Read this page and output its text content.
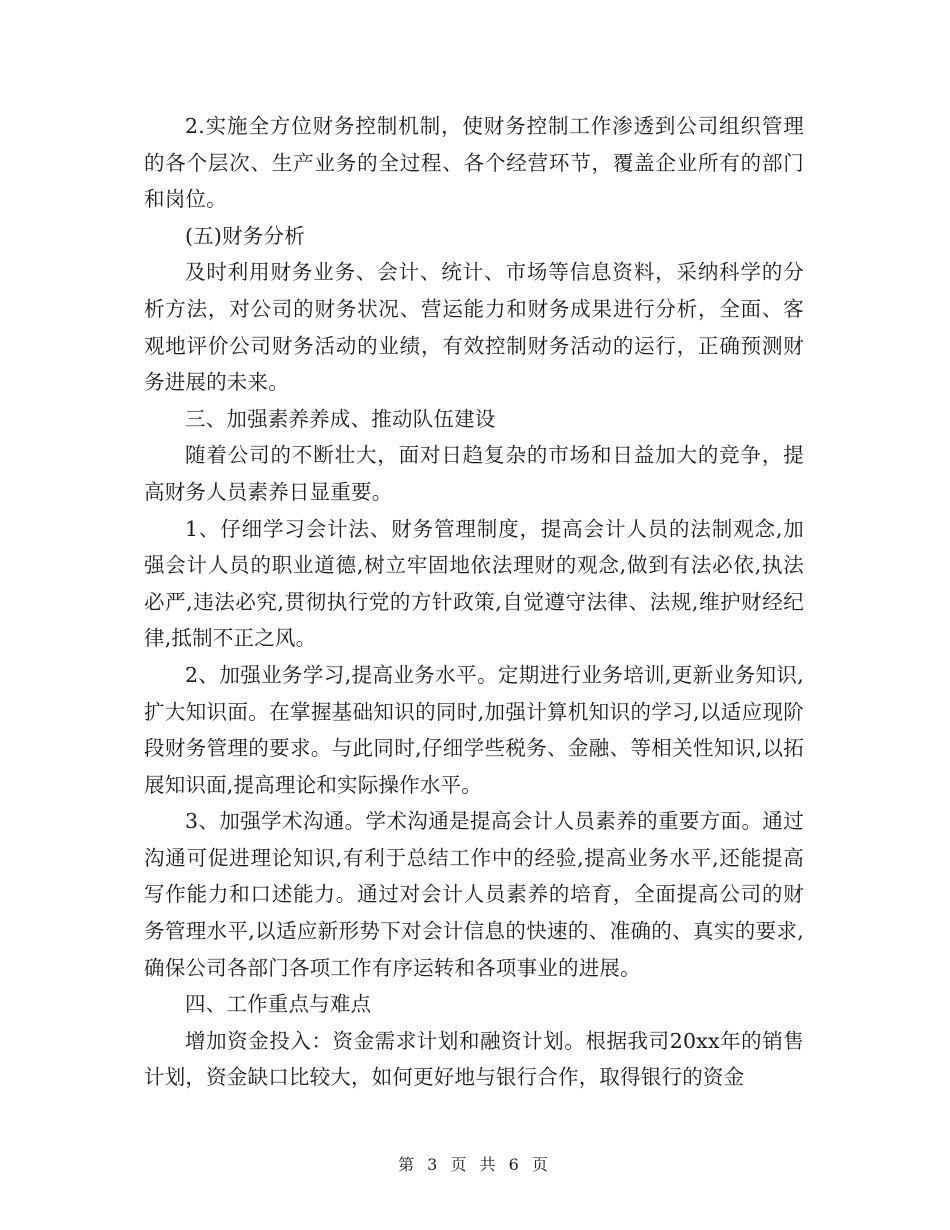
2.实施全方位财务控制机制，使财务控制工作渗透到公司组织管理的各个层次、生产业务的全过程、各个经营环节，覆盖企业所有的部门和岗位。

(五)财务分析

及时利用财务业务、会计、统计、市场等信息资料，采纳科学的分析方法，对公司的财务状况、营运能力和财务成果进行分析，全面、客观地评价公司财务活动的业绩，有效控制财务活动的运行，正确预测财务进展的未来。

三、加强素养养成、推动队伍建设

随着公司的不断壮大，面对日趋复杂的市场和日益加大的竞争，提高财务人员素养日显重要。

1、仔细学习会计法、财务管理制度，提高会计人员的法制观念,加强会计人员的职业道德,树立牢固地依法理财的观念,做到有法必依,执法必严,违法必究,贯彻执行党的方针政策,自觉遵守法律、法规,维护财经纪律,抵制不正之风。

2、加强业务学习,提高业务水平。定期进行业务培训,更新业务知识,扩大知识面。在掌握基础知识的同时,加强计算机知识的学习,以适应现阶段财务管理的要求。与此同时,仔细学些税务、金融、等相关性知识,以拓展知识面,提高理论和实际操作水平。

3、加强学术沟通。学术沟通是提高会计人员素养的重要方面。通过沟通可促进理论知识,有利于总结工作中的经验,提高业务水平,还能提高写作能力和口述能力。通过对会计人员素养的培育，全面提高公司的财务管理水平,以适应新形势下对会计信息的快速的、准确的、真实的要求,确保公司各部门各项工作有序运转和各项事业的进展。

四、工作重点与难点

增加资金投入：资金需求计划和融资计划。根据我司20xx年的销售计划，资金缺口比较大，如何更好地与银行合作，取得银行的资金

第 3 页 共 6 页
